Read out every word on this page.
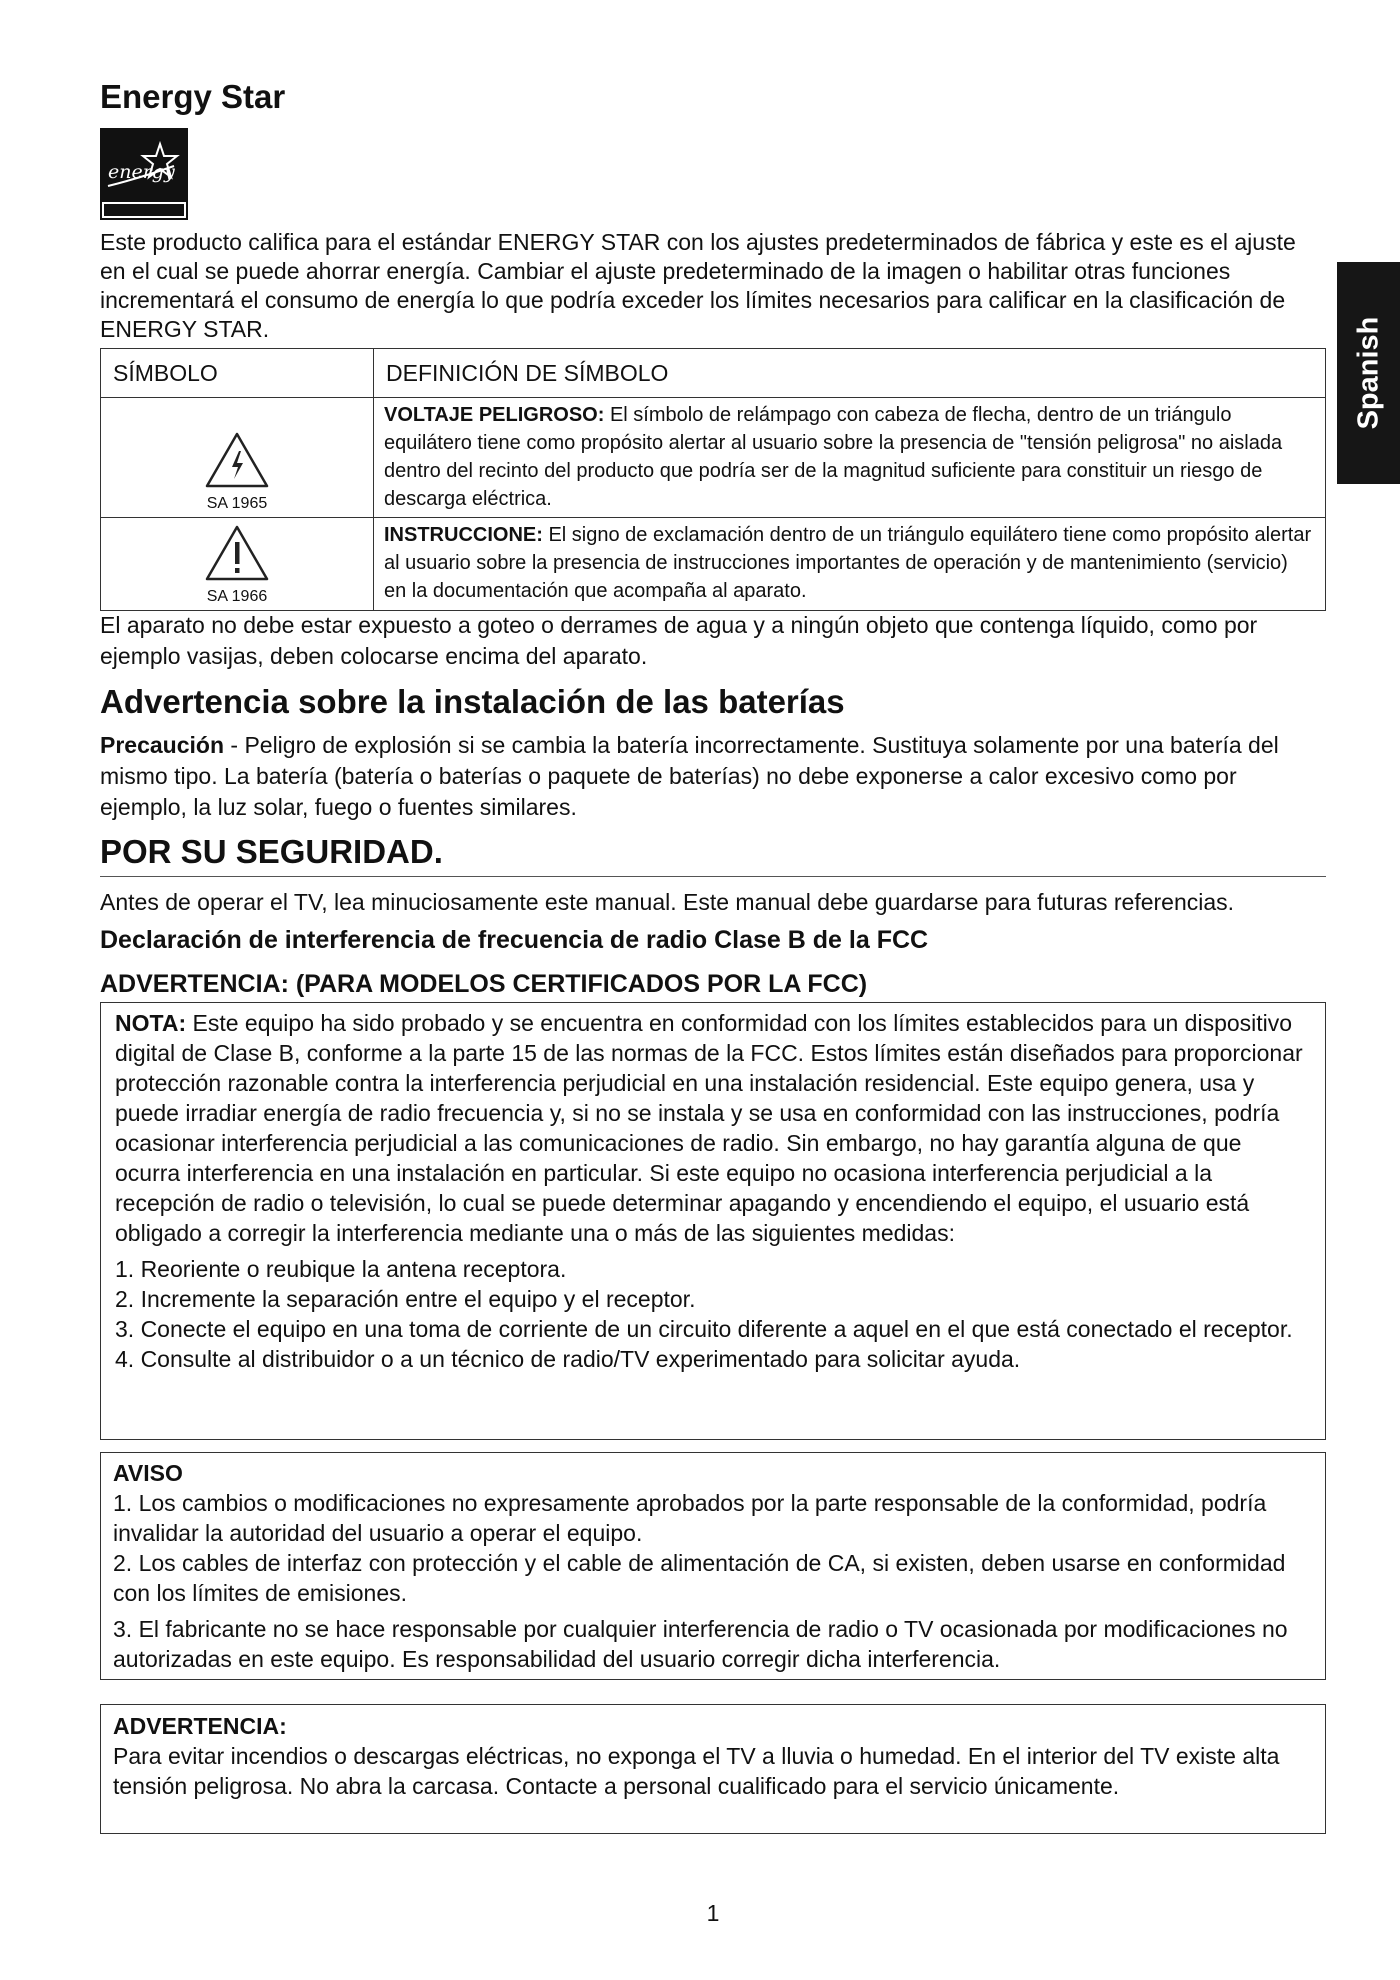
Energy Star
energy

Este producto califica para el estándar ENERGY STAR con los ajustes predeterminados de fábrica y este es el ajuste en el cual se puede ahorrar energía. Cambiar el ajuste predeterminado de la imagen o habilitar otras funciones incrementará el consumo de energía lo que podría exceder los límites necesarios para calificar en la clasificación de ENERGY STAR.

SÍMBOLO	DEFINICIÓN DE SÍMBOLO

SA 1965	VOLTAJE PELIGROSO: El símbolo de relámpago con cabeza de flecha, dentro de un triángulo equilátero tiene como propósito alertar al usuario sobre la presencia de "tensión peligrosa" no aislada dentro del recinto del producto que podría ser de la magnitud suficiente para constituir un riesgo de descarga eléctrica.

SA 1966	INSTRUCCIONE: El signo de exclamación dentro de un triángulo equilátero tiene como propósito alertar al usuario sobre la presencia de instrucciones importantes de operación y de mantenimiento (servicio) en la documentación que acompaña al aparato.

El aparato no debe estar expuesto a goteo o derrames de agua y a ningún objeto que contenga líquido, como por ejemplo vasijas, deben colocarse encima del aparato.

Advertencia sobre la instalación de las baterías

Precaución - Peligro de explosión si se cambia la batería incorrectamente. Sustituya solamente por una batería del mismo tipo. La batería (batería o baterías o paquete de baterías) no debe exponerse a calor excesivo como por ejemplo, la luz solar, fuego o fuentes similares.

POR SU SEGURIDAD.

Antes de operar el TV, lea minuciosamente este manual. Este manual debe guardarse para futuras referencias.

Declaración de interferencia de frecuencia de radio Clase B de la FCC
ADVERTENCIA: (PARA MODELOS CERTIFICADOS POR LA FCC)

NOTA: Este equipo ha sido probado y se encuentra en conformidad con los límites establecidos para un dispositivo digital de Clase B, conforme a la parte 15 de las normas de la FCC. Estos límites están diseñados para proporcionar protección razonable contra la interferencia perjudicial en una instalación residencial. Este equipo genera, usa y puede irradiar energía de radio frecuencia y, si no se instala y se usa en conformidad con las instrucciones, podría ocasionar interferencia perjudicial a las comunicaciones de radio. Sin embargo, no hay garantía alguna de que ocurra interferencia en una instalación en particular. Si este equipo no ocasiona interferencia perjudicial a la recepción de radio o televisión, lo cual se puede determinar apagando y encendiendo el equipo, el usuario está obligado a corregir la interferencia mediante una o más de las siguientes medidas:

1. Reoriente o reubique la antena receptora.
2. Incremente la separación entre el equipo y el receptor.
3. Conecte el equipo en una toma de corriente de un circuito diferente a aquel en el que está conectado el receptor.
4. Consulte al distribuidor o a un técnico de radio/TV experimentado para solicitar ayuda.

AVISO

1. Los cambios o modificaciones no expresamente aprobados por la parte responsable de la conformidad, podría invalidar la autoridad del usuario a operar el equipo.
2. Los cables de interfaz con protección y el cable de alimentación de CA, si existen, deben usarse en conformidad con los límites de emisiones.
3. El fabricante no se hace responsable por cualquier interferencia de radio o TV ocasionada por modificaciones no autorizadas en este equipo. Es responsabilidad del usuario corregir dicha interferencia.

ADVERTENCIA:

Para evitar incendios o descargas eléctricas, no exponga el TV a lluvia o humedad. En el interior del TV existe alta tensión peligrosa. No abra la carcasa. Contacte a personal cualificado para el servicio únicamente.

1

Spanish
